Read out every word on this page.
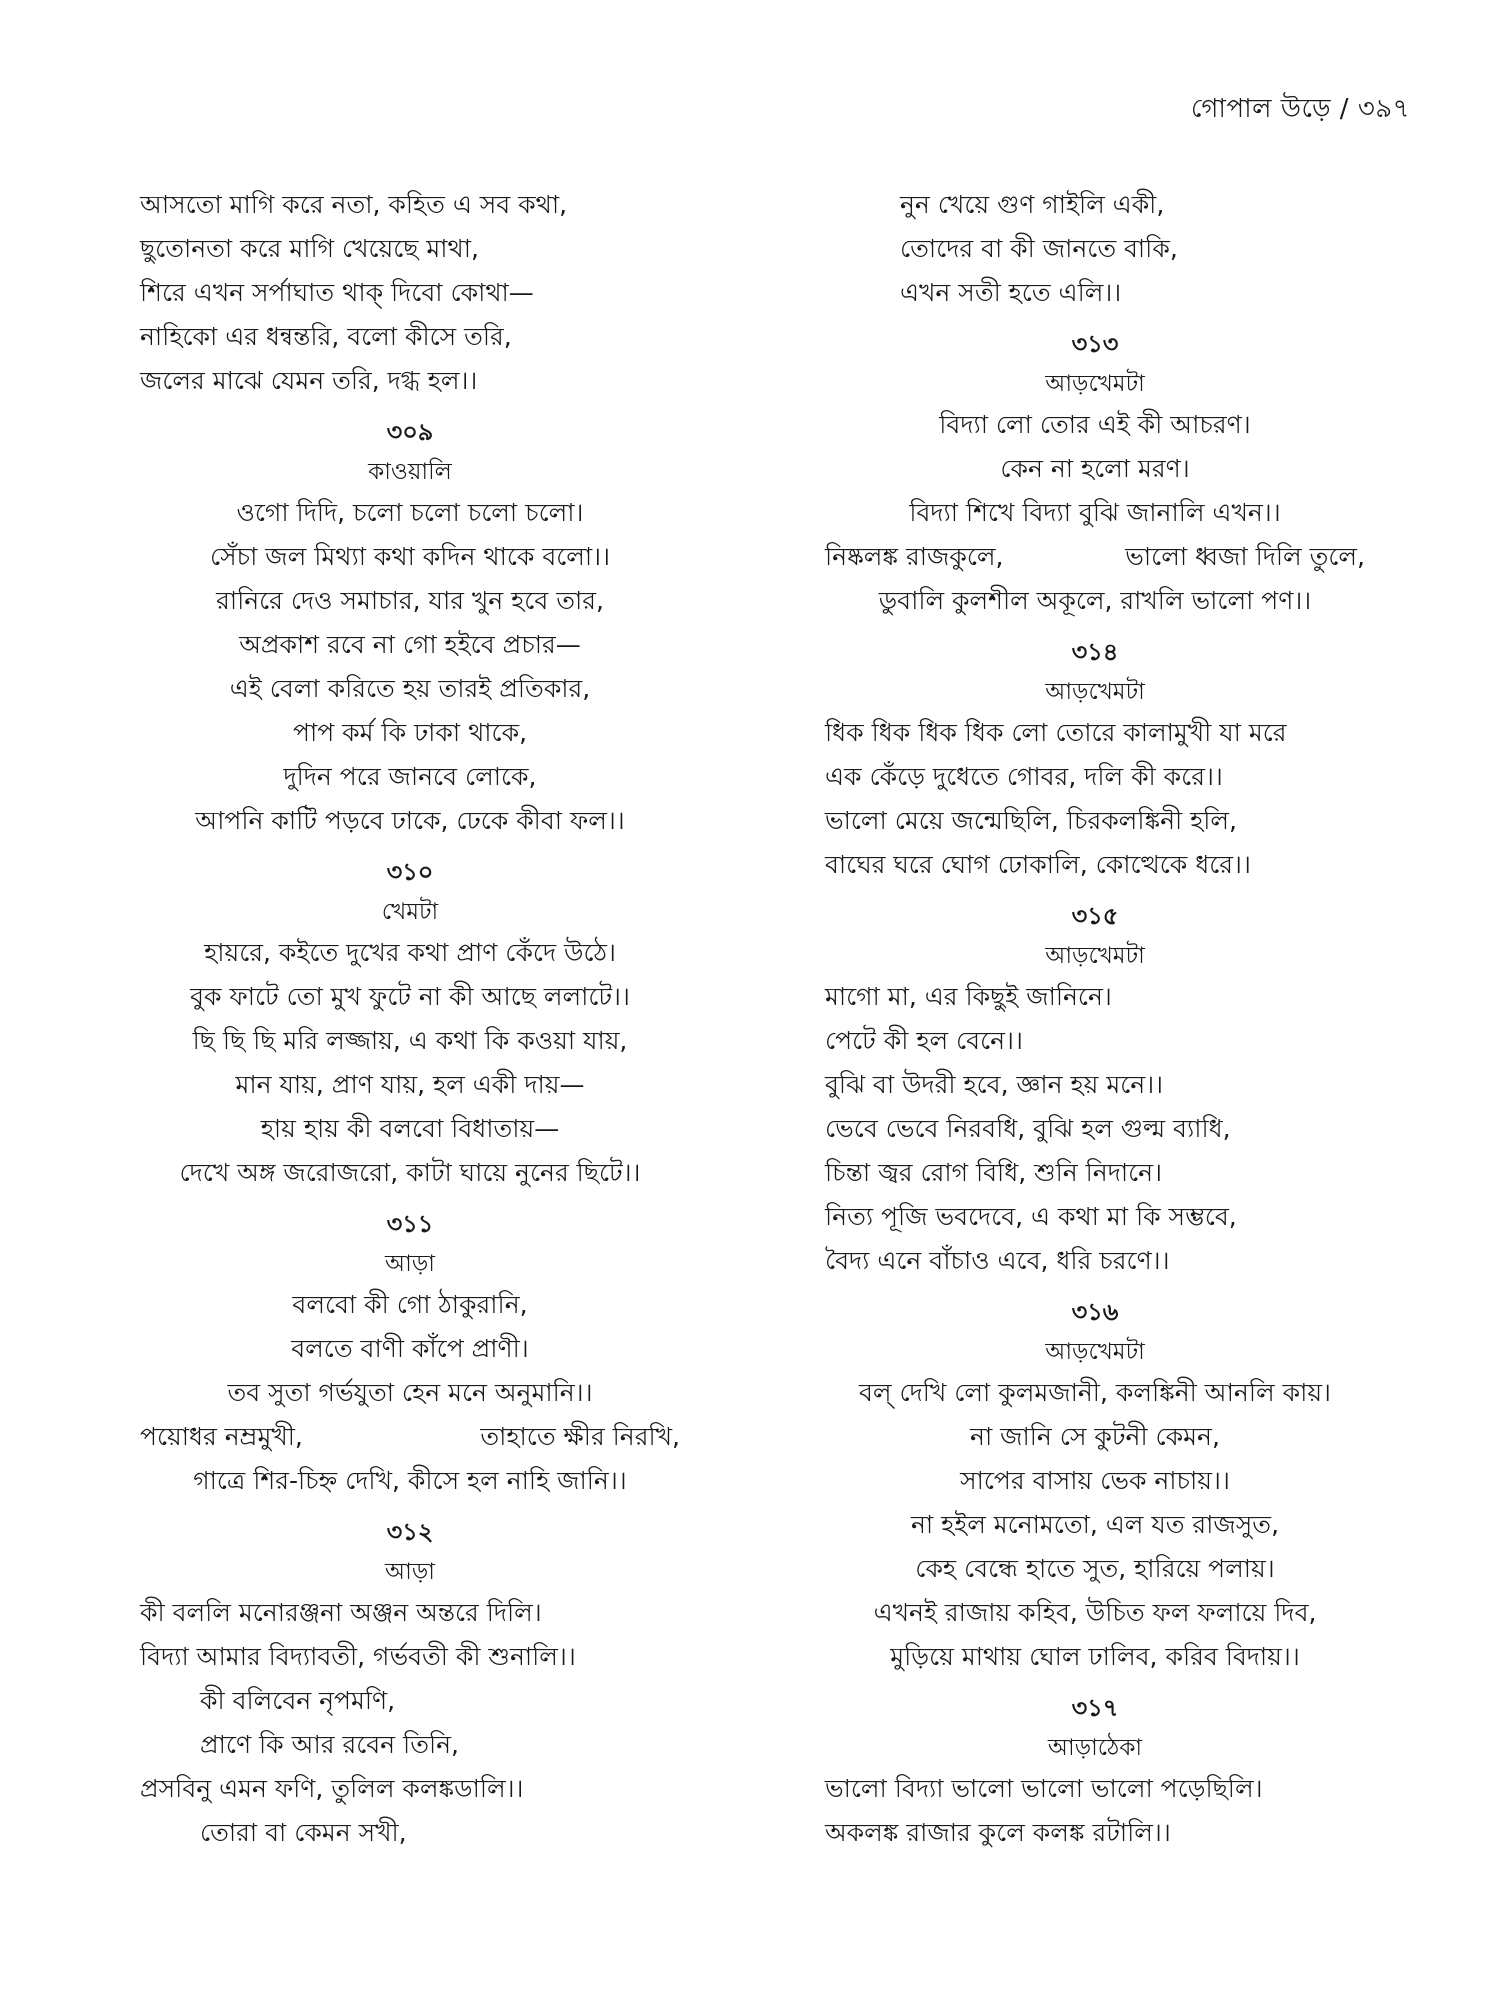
গোপাল উড়ে / ৩৯৭
আসতো মাগি করে নতা, কহিত এ সব কথা,
ছুতোনতা করে মাগি খেয়েছে মাথা,
শিরে এখন সর্পাঘাত থাক্‌ দিবো কোথা—
নাহিকো এর ধন্বন্তরি, বলো কীসে তরি,
জলের মাঝে যেমন তরি, দগ্ধ হল।।
৩০৯
কাওয়ালি
ওগো দিদি, চলো চলো চলো চলো।
সেঁচা জল মিথ্যা কথা কদিন থাকে বলো।।
রানিরে দেও সমাচার, যার খুন হবে তার,
অপ্রকাশ রবে না গো হইবে প্রচার—
এই বেলা করিতে হয় তারই প্রতিকার,
পাপ কর্ম কি ঢাকা থাকে,
দুদিন পরে জানবে লোকে,
আপনি কাটি পড়বে ঢাকে, ঢেকে কীবা ফল।।
৩১০
খেমটা
হায়রে, কইতে দুখের কথা প্রাণ কেঁদে উঠে।
বুক ফাটে তো মুখ ফুটে না কী আছে ললাটে।।
ছি ছি ছি মরি লজ্জায়, এ কথা কি কওয়া যায়,
মান যায়, প্রাণ যায়, হল একী দায়—
হায় হায় কী বলবো বিধাতায়—
দেখে অঙ্গ জরোজরো, কাটা ঘায়ে নুনের ছিটে।।
৩১১
আড়া
বলবো কী গো ঠাকুরানি,
বলতে বাণী কাঁপে প্রাণী।
তব সুতা গর্ভযুতা হেন মনে অনুমানি।।
পয়োধর নম্রমুখী,	তাহাতে ক্ষীর নিরখি,
গাত্রে শির-চিহ্ন দেখি, কীসে হল নাহি জানি।।
৩১২
আড়া
কী বললি মনোরঞ্জনা অঞ্জন অন্তরে দিলি।
বিদ্যা আমার বিদ্যাবতী, গর্ভবতী কী শুনালি।।
কী বলিবেন নৃপমণি,
প্রাণে কি আর রবেন তিনি,
প্রসবিনু এমন ফণি, তুলিল কলঙ্কডালি।।
তোরা বা কেমন সখী,
নুন খেয়ে গুণ গাইলি একী,
তোদের বা কী জানতে বাকি,
এখন সতী হতে এলি।।
৩১৩
আড়খেমটা
বিদ্যা লো তোর এই কী আচরণ।
কেন না হলো মরণ।
বিদ্যা শিখে বিদ্যা বুঝি জানালি এখন।।
নিষ্কলঙ্ক রাজকুলে,	ভালো ধ্বজা দিলি তুলে,
ডুবালি কুলশীল অকূলে, রাখলি ভালো পণ।।
৩১৪
আড়খেমটা
ধিক ধিক ধিক ধিক লো তোরে কালামুখী যা মরে
এক কেঁড়ে দুধেতে গোবর, দলি কী করে।।
ভালো মেয়ে জন্মেছিলি, চিরকলঙ্কিনী হলি,
বাঘের ঘরে ঘোগ ঢোকালি, কোত্থেকে ধরে।।
৩১৫
আড়খেমটা
মাগো মা, এর কিছুই জানিনে।
পেটে কী হল বেনে।।
বুঝি বা উদরী হবে, জ্ঞান হয় মনে।।
ভেবে ভেবে নিরবধি, বুঝি হল গুল্ম ব্যাধি,
চিন্তা জ্বর রোগ বিধি, শুনি নিদানে।
নিত্য পূজি ভবদেবে, এ কথা মা কি সম্ভবে,
বৈদ্য এনে বাঁচাও এবে, ধরি চরণে।।
৩১৬
আড়খেমটা
বল্‌ দেখি লো কুলমজানী, কলঙ্কিনী আনলি কায়।
না জানি সে কুটনী কেমন,
সাপের বাসায় ভেক নাচায়।।
না হইল মনোমতো, এল যত রাজসুত,
কেহ বেন্ধে হাতে সুত, হারিয়ে পলায়।
এখনই রাজায় কহিব, উচিত ফল ফলায়ে দিব,
মুড়িয়ে মাথায় ঘোল ঢালিব, করিব বিদায়।।
৩১৭
আড়াঠেকা
ভালো বিদ্যা ভালো ভালো ভালো পড়েছিলি।
অকলঙ্ক রাজার কুলে কলঙ্ক রটালি।।
